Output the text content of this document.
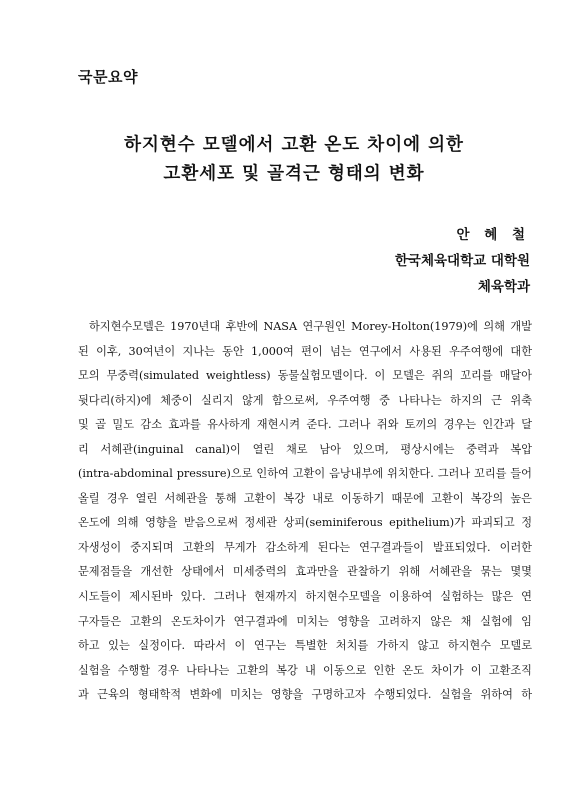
국문요약
하지현수 모델에서 고환 온도 차이에 의한
고환세포 및 골격근 형태의 변화
안 혜 철
한국체육대학교 대학원
체육학과
하지현수모델은 1970년대 후반에 NASA 연구원인 Morey-Holton(1979)에 의해 개발
된 이후, 30여년이 지나는 동안 1,000여 편이 넘는 연구에서 사용된 우주여행에 대한
모의 무중력(simulated weightless) 동물실험모델이다. 이 모델은 쥐의 꼬리를 매달아
뒷다리(하지)에 체중이 실리지 않게 함으로써, 우주여행 중 나타나는 하지의 근 위축
및 골 밀도 감소 효과를 유사하게 재현시켜 준다. 그러나 쥐와 토끼의 경우는 인간과 달
리 서혜관(inguinal canal)이 열린 채로 남아 있으며, 평상시에는 중력과 복압
(intra-abdominal pressure)으로 인하여 고환이 음낭내부에 위치한다. 그러나 꼬리를 들어
올릴 경우 열린 서혜관을 통해 고환이 복강 내로 이동하기 때문에 고환이 복강의 높은
온도에 의해 영향을 받음으로써 정세관 상피(seminiferous epithelium)가 파괴되고 정
자생성이 중지되며 고환의 무게가 감소하게 된다는 연구결과들이 발표되었다. 이러한
문제점들을 개선한 상태에서 미세중력의 효과만을 관찰하기 위해 서혜관을 묶는 몇몇
시도들이 제시된바 있다. 그러나 현재까지 하지현수모델을 이용하여 실험하는 많은 연
구자들은 고환의 온도차이가 연구결과에 미치는 영향을 고려하지 않은 채 실험에 임
하고 있는 실정이다. 따라서 이 연구는 특별한 처치를 가하지 않고 하지현수 모델로
실험을 수행할 경우 나타나는 고환의 복강 내 이동으로 인한 온도 차이가 이 고환조직
과 근육의 형태학적 변화에 미치는 영향을 구명하고자 수행되었다. 실험을 위하여 하
